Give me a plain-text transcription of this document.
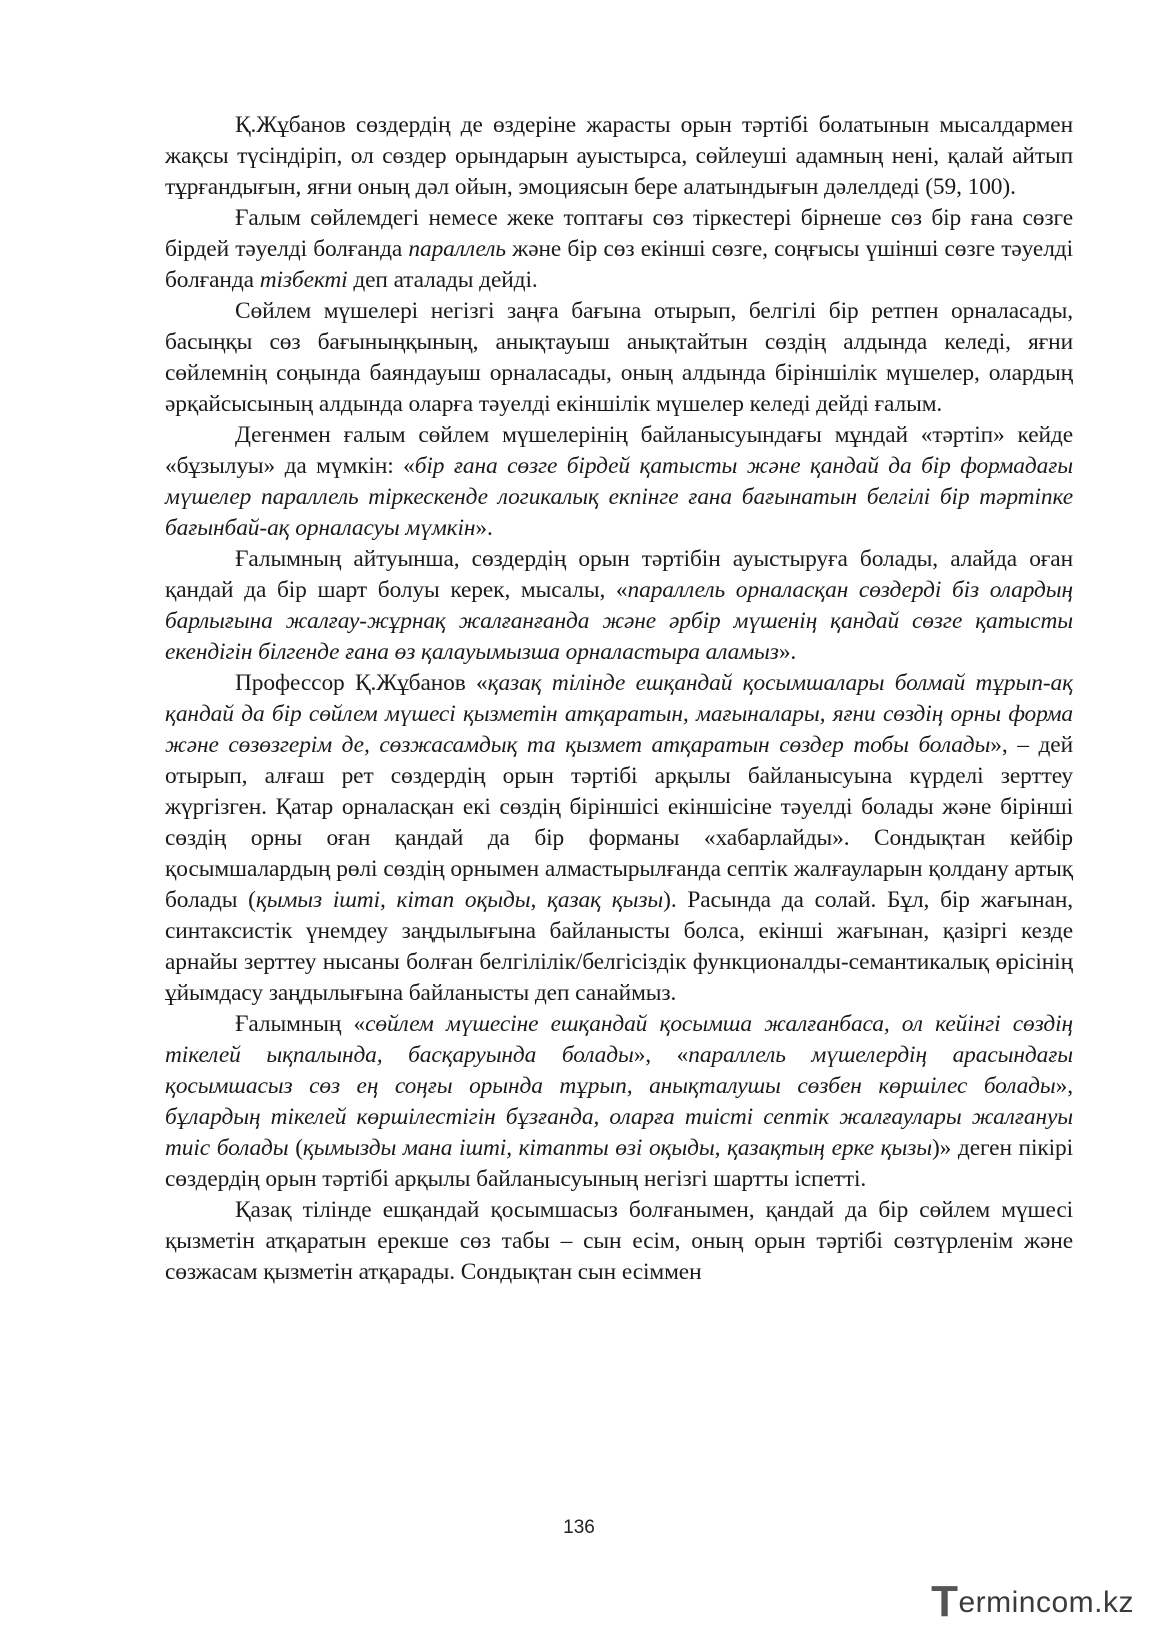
Қ.Жұбанов сөздердің де өздеріне жарасты орын тәртібі болатынын мысалдармен жақсы түсіндіріп, ол сөздер орындарын ауыстырса, сөйлеуші адамның нені, қалай айтып тұрғандығын, яғни оның дәл ойын, эмоциясын бере алатындығын дәлелдеді (59, 100).

Ғалым сөйлемдегі немесе жеке топтағы сөз тіркестері бірнеше сөз бір ғана сөзге бірдей тәуелді болғанда параллель және бір сөз екінші сөзге, соңғысы үшінші сөзге тәуелді болғанда тізбекті деп аталады дейді.

Сөйлем мүшелері негізгі заңға бағына отырып, белгілі бір ретпен орналасады, басыңқы сөз бағыныңқының, анықтауыш анықтайтын сөздің алдында келеді, яғни сөйлемнің соңында баяндауыш орналасады, оның алдында біріншілік мүшелер, олардың әрқайсысының алдында оларға тәуелді екіншілік мүшелер келеді дейді ғалым.

Дегенмен ғалым сөйлем мүшелерінің байланысуындағы мұндай «тәртіп» кейде «бұзылуы» да мүмкін: «бір ғана сөзге бірдей қатысты және қандай да бір формадағы мүшелер параллель тіркескенде логикалық екпінге ғана бағынатын белгілі бір тәртіпке бағынбай-ақ орналасуы мүмкін».

Ғалымның айтуынша, сөздердің орын тәртібін ауыстыруға болады, алайда оған қандай да бір шарт болуы керек, мысалы, «параллель орналасқан сөздерді біз олардың барлығына жалғау-жұрнақ жалғанғанда және әрбір мүшенің қандай сөзге қатысты екендігін білгенде ғана өз қалауымызша орналастыра аламыз».

Профессор Қ.Жұбанов «қазақ тілінде ешқандай қосымшалары болмай тұрып-ақ қандай да бір сөйлем мүшесі қызметін атқаратын, мағыналары, яғни сөздің орны форма және сөзөзгерім де, сөзжасамдық та қызмет атқаратын сөздер тобы болады», – дей отырып, алғаш рет сөздердің орын тәртібі арқылы байланысуына күрделі зерттеу жүргізген. Қатар орналасқан екі сөздің біріншісі екіншісіне тәуелді болады және бірінші сөздің орны оған қандай да бір форманы «хабарлайды». Сондықтан кейбір қосымшалардың рөлі сөздің орнымен алмастырылғанда септік жалғауларын қолдану артық болады (қымыз ішті, кітап оқыды, қазақ қызы). Расында да солай. Бұл, бір жағынан, синтаксистік үнемдеу заңдылығына байланысты болса, екінші жағынан, қазіргі кезде арнайы зерттеу нысаны болған белгілілік/белгісіздік функционалды-семантикалық өрісінің ұйымдасу заңдылығына байланысты деп санаймыз.

Ғалымның «сөйлем мүшесіне ешқандай қосымша жалғанбаса, ол кейінгі сөздің тікелей ықпалында, басқаруында болады», «параллель мүшелердің арасындағы қосымшасыз сөз ең соңғы орында тұрып, анықталушы сөзбен көршілес болады», бұлардың тікелей көршілестігін бұзғанда, оларға тиісті септік жалғаулары жалғануы тиіс болады (қымызды мана ішті, кітапты өзі оқыды, қазақтың ерке қызы)» деген пікірі сөздердің орын тәртібі арқылы байланысуының негізгі шартты іспетті.

Қазақ тілінде ешқандай қосымшасыз болғанымен, қандай да бір сөйлем мүшесі қызметін атқаратын ерекше сөз табы – сын есім, оның орын тәртібі сөзтүрленім және сөзжасам қызметін атқарады. Сондықтан сын есіммен

136
Termincom.kz
